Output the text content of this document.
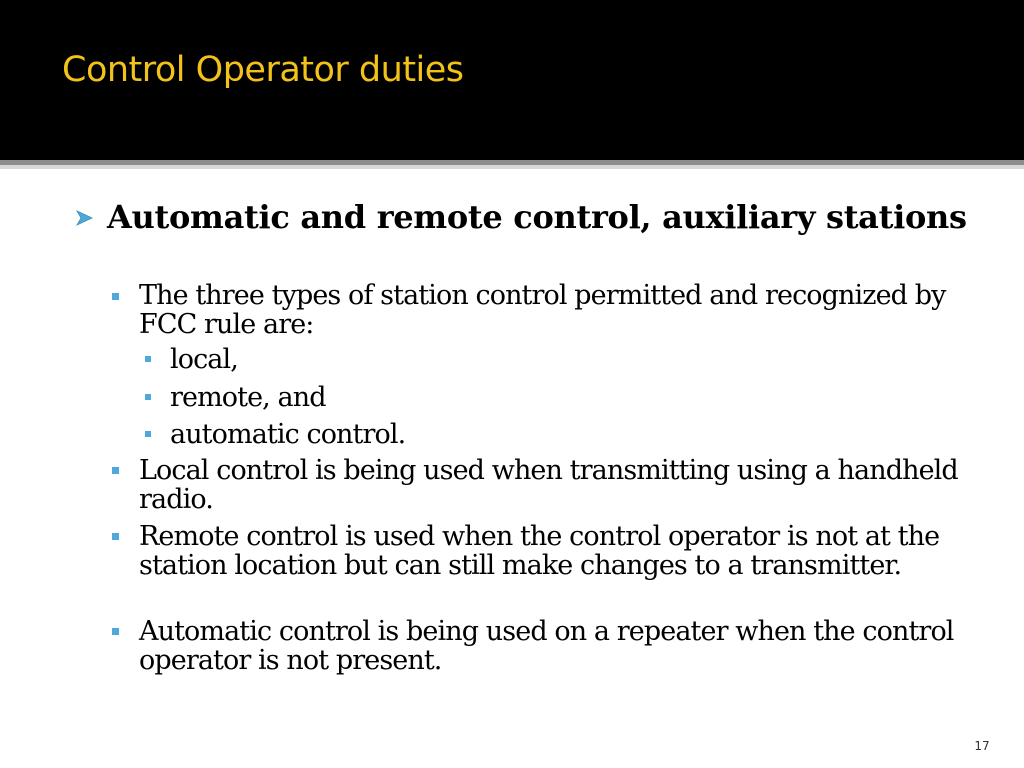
Control Operator duties
Automatic and remote control, auxiliary stations
The three types of station control permitted and recognized by FCC rule are:
local,
remote, and
automatic control.
Local control is being used when transmitting using a handheld radio.
Remote control is used when the control operator is not at the station location but can still make changes to a transmitter.
Automatic control is being used on a repeater when the control operator is not present.
17
